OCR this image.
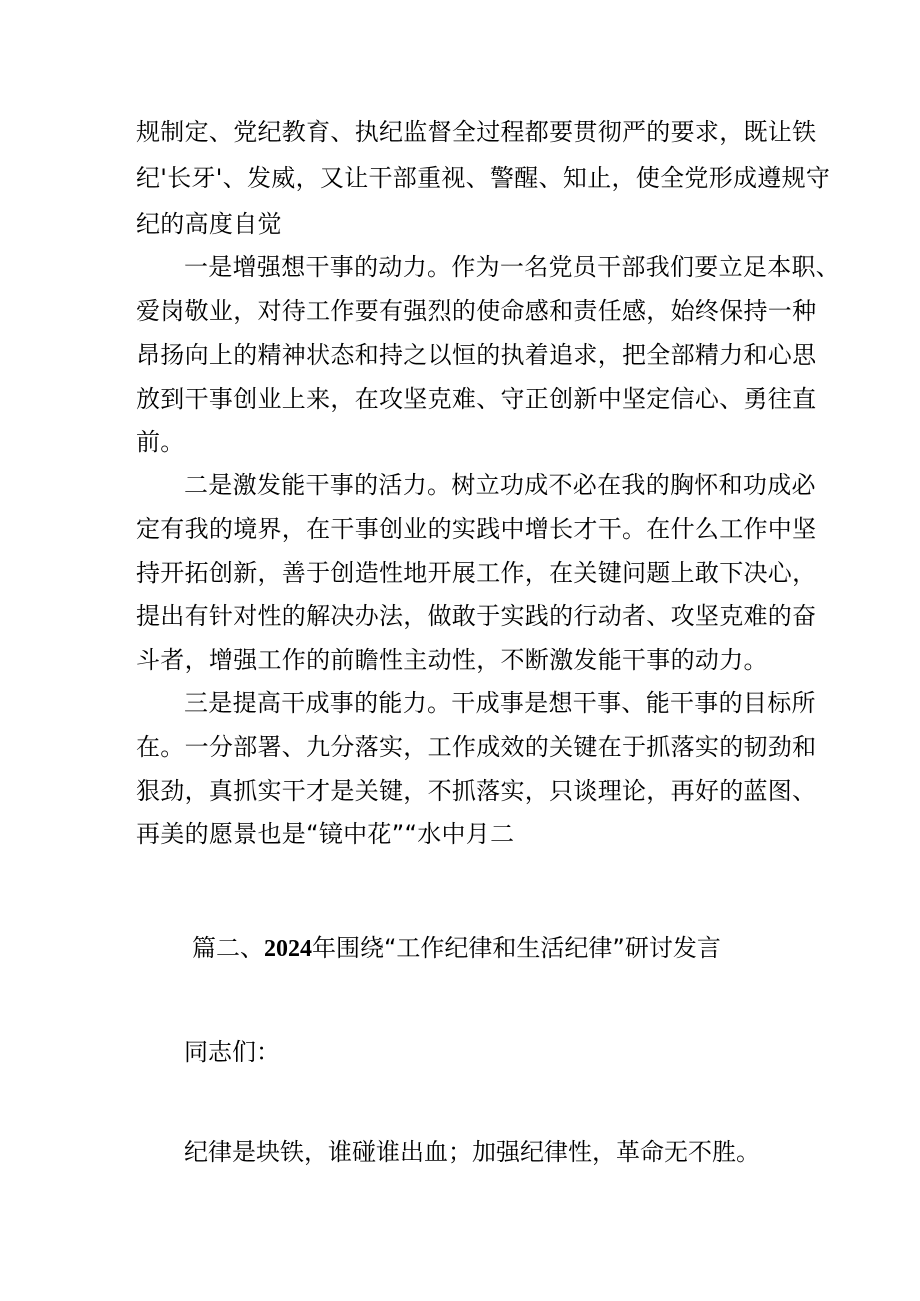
规制定、党纪教育、执纪监督全过程都要贯彻严的要求，既让铁
纪'长牙'、发威，又让干部重视、警醒、知止，使全党形成遵规守
纪的高度自觉
一是增强想干事的动力。作为一名党员干部我们要立足本职、
爱岗敬业，对待工作要有强烈的使命感和责任感，始终保持一种
昂扬向上的精神状态和持之以恒的执着追求，把全部精力和心思
放到干事创业上来，在攻坚克难、守正创新中坚定信心、勇往直
前。
二是激发能干事的活力。树立功成不必在我的胸怀和功成必
定有我的境界，在干事创业的实践中增长才干。在什么工作中坚
持开拓创新，善于创造性地开展工作，在关键问题上敢下决心，
提出有针对性的解决办法，做敢于实践的行动者、攻坚克难的奋
斗者，增强工作的前瞻性主动性，不断激发能干事的动力。
三是提高干成事的能力。干成事是想干事、能干事的目标所
在。一分部署、九分落实，工作成效的关键在于抓落实的韧劲和
狠劲，真抓实干才是关键，不抓落实，只谈理论，再好的蓝图、
再美的愿景也是“镜中花”“水中月二
篇二、2024年围绕“工作纪律和生活纪律”研讨发言
同志们：
纪律是块铁，谁碰谁出血；加强纪律性，革命无不胜。
